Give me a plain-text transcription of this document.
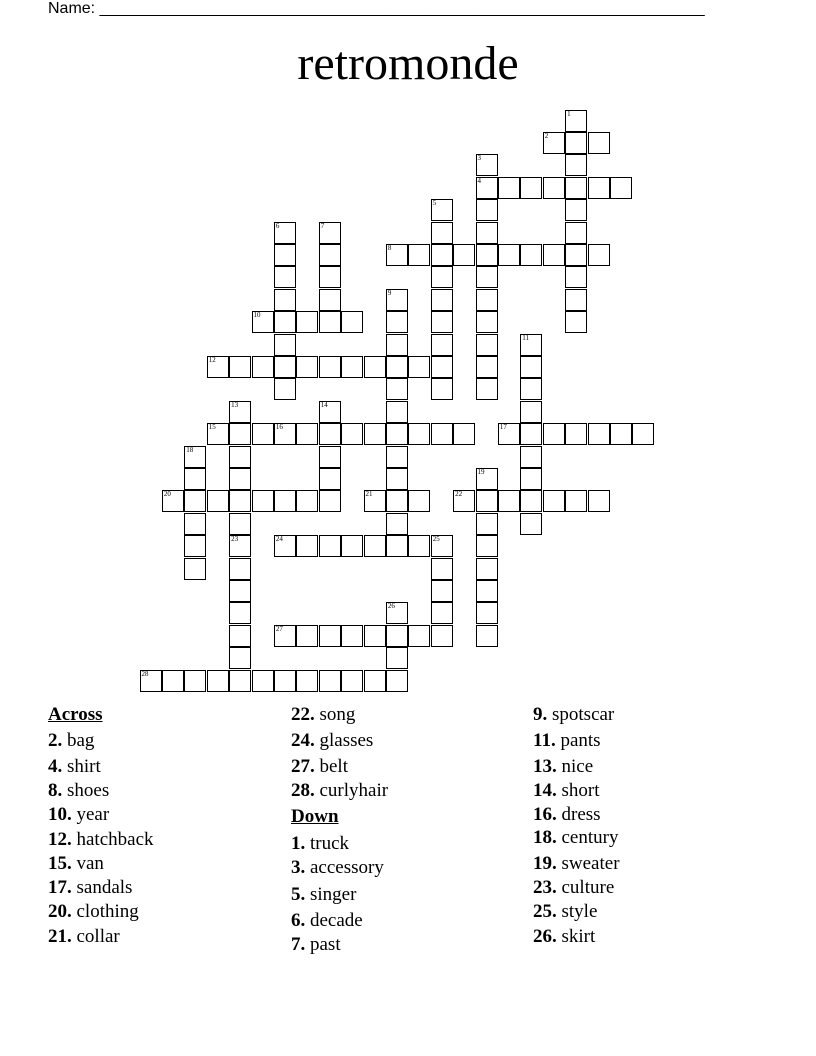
Name: ____________________________________________________________________
retromonde
1
2
3
4
5
6	7
8
9
10
11
12
13	14
15	16	17
18
19
20	21	22
23	24	25
26
27
28
Across
2. bag
4. shirt
8. shoes
10. year
12. hatchback
15. van
17. sandals
20. clothing
21. collar
22. song
24. glasses
27. belt
28. curlyhair
Down
1. truck
3. accessory
5. singer
6. decade
7. past
9. spotscar
11. pants
13. nice
14. short
16. dress
18. century
19. sweater
23. culture
25. style
26. skirt
